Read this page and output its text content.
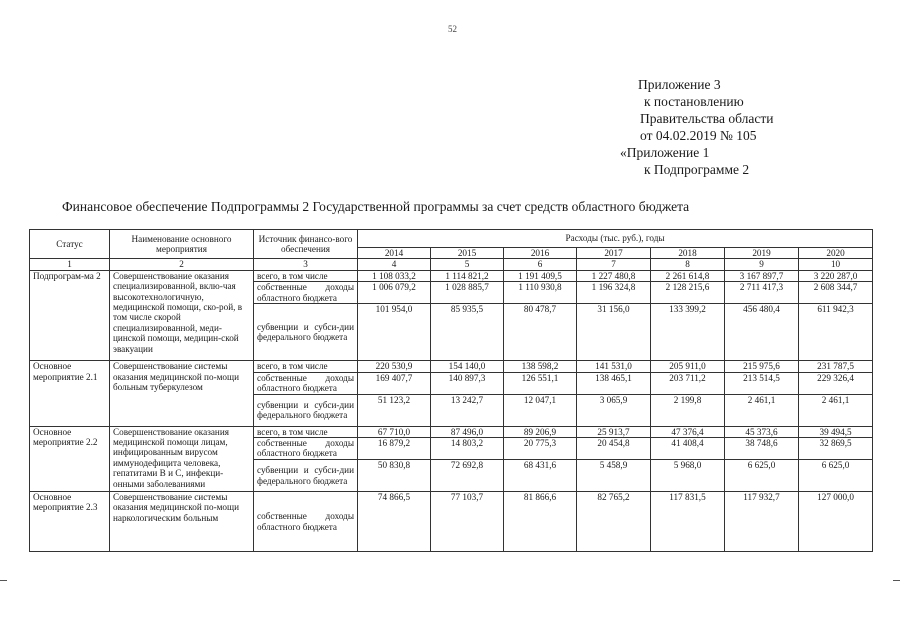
52
Приложение 3
к постановлению
Правительства области
от 04.02.2019 № 105
«Приложение 1
к Подпрограмме 2
Финансовое обеспечение Подпрограммы 2 Государственной программы за счет средств областного бюджета
Статус	Наименование основного мероприятия	Источник финансо-вого обеспечения	Расходы (тыс. руб.), годы						
			2014	2015	2016	2017	2018	2019	2020
1	2	3	4	5	6	7	8	9	10
Подпрограм-ма 2	Совершенствование оказания специализированной, вклю-чая высокотехнологичную, медицинской помощи, ско-рой, в том числе скорой специализированной, меди-цинской помощи, медицин-ской эвакуации	всего, в том числе	1 108 033,2	1 114 821,2	1 191 409,5	1 227 480,8	2 261 614,8	3 167 897,7	3 220 287,0
		собственные доходы областного бюджета	1 006 079,2	1 028 885,7	1 110 930,8	1 196 324,8	2 128 215,6	2 711 417,3	2 608 344,7
		субвенции и субси-дии федерального бюджета	101 954,0	85 935,5	80 478,7	31 156,0	133 399,2	456 480,4	611 942,3
Основное мероприятие 2.1	Совершенствование системы оказания медицинской по-мощи больным туберкулезом	всего, в том числе	220 530,9	154 140,0	138 598,2	141 531,0	205 911,0	215 975,6	231 787,5
		собственные доходы областного бюджета	169 407,7	140 897,3	126 551,1	138 465,1	203 711,2	213 514,5	229 326,4
		субвенции и субси-дии федерального бюджета	51 123,2	13 242,7	12 047,1	3 065,9	2 199,8	2 461,1	2 461,1
Основное мероприятие 2.2	Совершенствование оказания медицинской помощи лицам, инфицированным вирусом иммунодефицита человека, гепатитами В и С, инфекци-онными заболеваниями	всего, в том числе	67 710,0	87 496,0	89 206,9	25 913,7	47 376,4	45 373,6	39 494,5
		собственные доходы областного бюджета	16 879,2	14 803,2	20 775,3	20 454,8	41 408,4	38 748,6	32 869,5
		субвенции и субси-дии федерального бюджета	50 830,8	72 692,8	68 431,6	5 458,9	5 968,0	6 625,0	6 625,0
Основное мероприятие 2.3	Совершенствование системы оказания медицинской по-мощи наркологическим больным	собственные доходы областного бюджета	74 866,5	77 103,7	81 866,6	82 765,2	117 831,5	117 932,7	127 000,0
